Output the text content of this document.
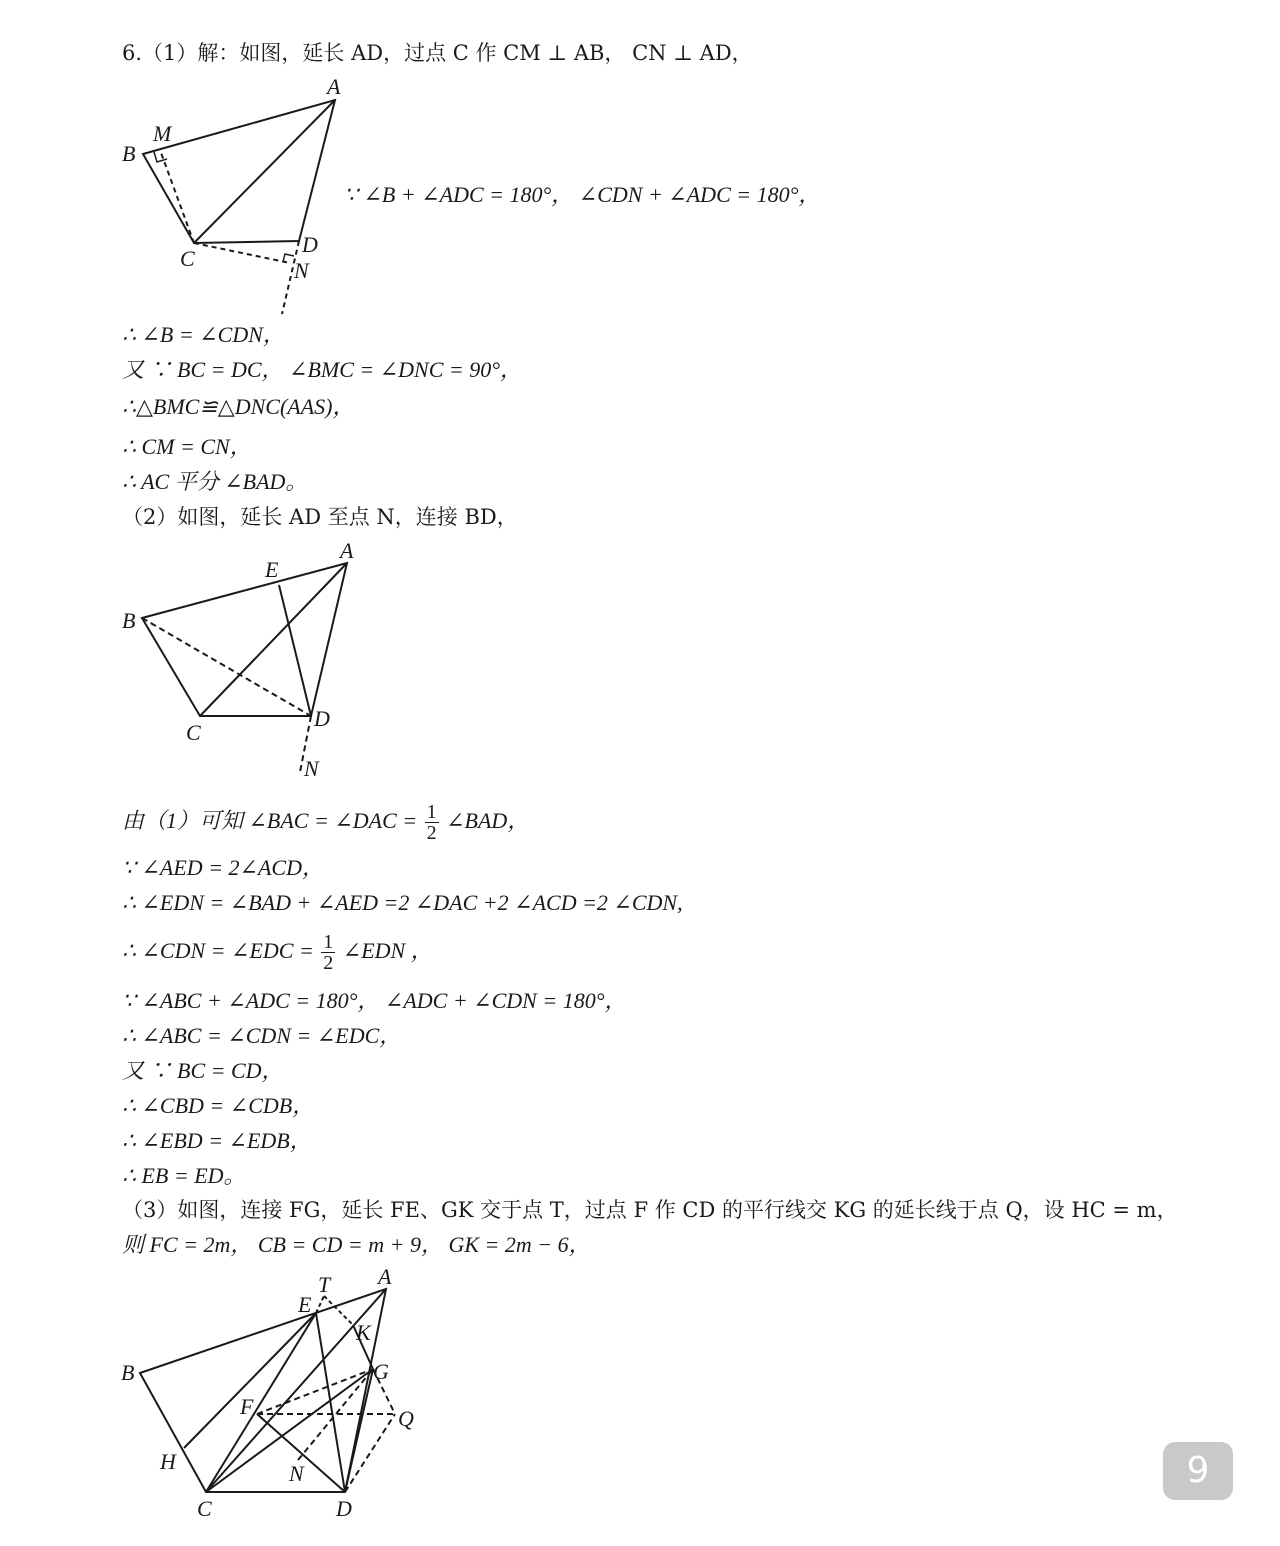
6.（1）解：如图，延长 AD，过点 C 作 CM ⊥ AB， CN ⊥ AD，
∵ ∠B + ∠ADC = 180°， ∠CDN + ∠ADC = 180°，
∴ ∠B = ∠CDN，
又 ∵ BC = DC， ∠BMC = ∠DNC = 90°，
∴△BMC≌△DNC(AAS)，
∴ CM = CN，
∴ AC 平分 ∠BAD。
（2）如图，延长 AD 至点 N，连接 BD，
由（1）可知 ∠BAC = ∠DAC = $\frac{1}{2}$ ∠BAD，
∵ ∠AED = 2∠ACD，
∴ ∠EDN = ∠BAD + ∠AED =2 ∠DAC +2 ∠ACD =2 ∠CDN,
∴ ∠CDN = ∠EDC = $\frac{1}{2}$ ∠EDN ，
∵ ∠ABC + ∠ADC = 180°， ∠ADC + ∠CDN = 180°，
∴ ∠ABC = ∠CDN = ∠EDC，
又 ∵ BC = CD，
∴ ∠CBD = ∠CDB，
∴ ∠EBD = ∠EDB，
∴ EB = ED。
（3）如图，连接 FG，延长 FE、GK 交于点 T，过点 F 作 CD 的平行线交 KG 的延长线于点 Q，设 HC = m，
则 FC = 2m， CB = CD = m + 9， GK = 2m − 6，
A
M
B
C
D
N
A
E
B
C
D
N
T A
E
K
B	G
F	Q
H	N
C	D
9
